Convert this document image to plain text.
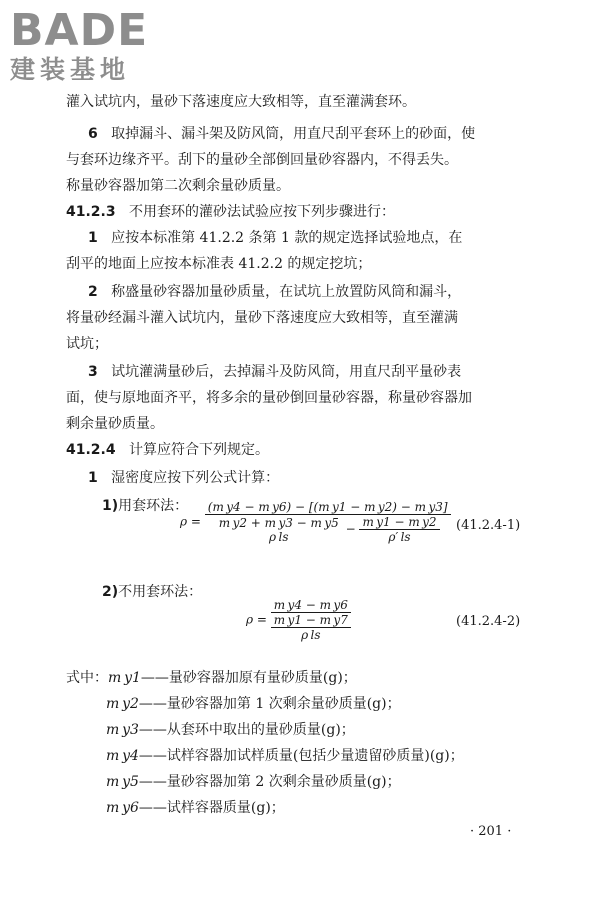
BADE
建装基地
灌入试坑内，量砂下落速度应大致相等，直至灌满套环。
6 取掉漏斗、漏斗架及防风筒，用直尺刮平套环上的砂面，使
与套环边缘齐平。刮下的量砂全部倒回量砂容器内，不得丢失。
称量砂容器加第二次剩余量砂质量。
41.2.3 不用套环的灌砂法试验应按下列步骤进行：
1 应按本标准第 41.2.2 条第 1 款的规定选择试验地点，在
刮平的地面上应按本标准表 41.2.2 的规定挖坑；
2 称盛量砂容器加量砂质量，在试坑上放置防风筒和漏斗，
将量砂经漏斗灌入试坑内，量砂下落速度应大致相等，直至灌满
试坑；
3 试坑灌满量砂后，去掉漏斗及防风筒，用直尺刮平量砂表
面，使与原地面齐平，将多余的量砂倒回量砂容器，称量砂容器加
剩余量砂质量。
41.2.4 计算应符合下列规定。
1 湿密度应按下列公式计算：
1)用套环法：
ρ =
(m y4 − m y6) − [(m y1 − m y2) − m y3]
m y2 + m y3 − m y5
ρ ls
− $\frac{\text{m y1 − m y2}}{\rho' ls} (41.2.4-1)$
2)不用套环法：
$\rho = \frac{\text{m y4 − m y6}}{\frac{\text{m y1 − m y7}}{\text{ρ ls}}}$	(41.2.4-2)
式中：m y1——量砂容器加原有量砂质量(g)；
m y2——量砂容器加第 1 次剩余量砂质量(g)；
m y3——从套环中取出的量砂质量(g)；
m y4——试样容器加试样质量(包括少量遗留砂质量)(g)；
m y5——量砂容器加第 2 次剩余量砂质量(g)；
m y6——试样容器质量(g)；
· 201 ·
